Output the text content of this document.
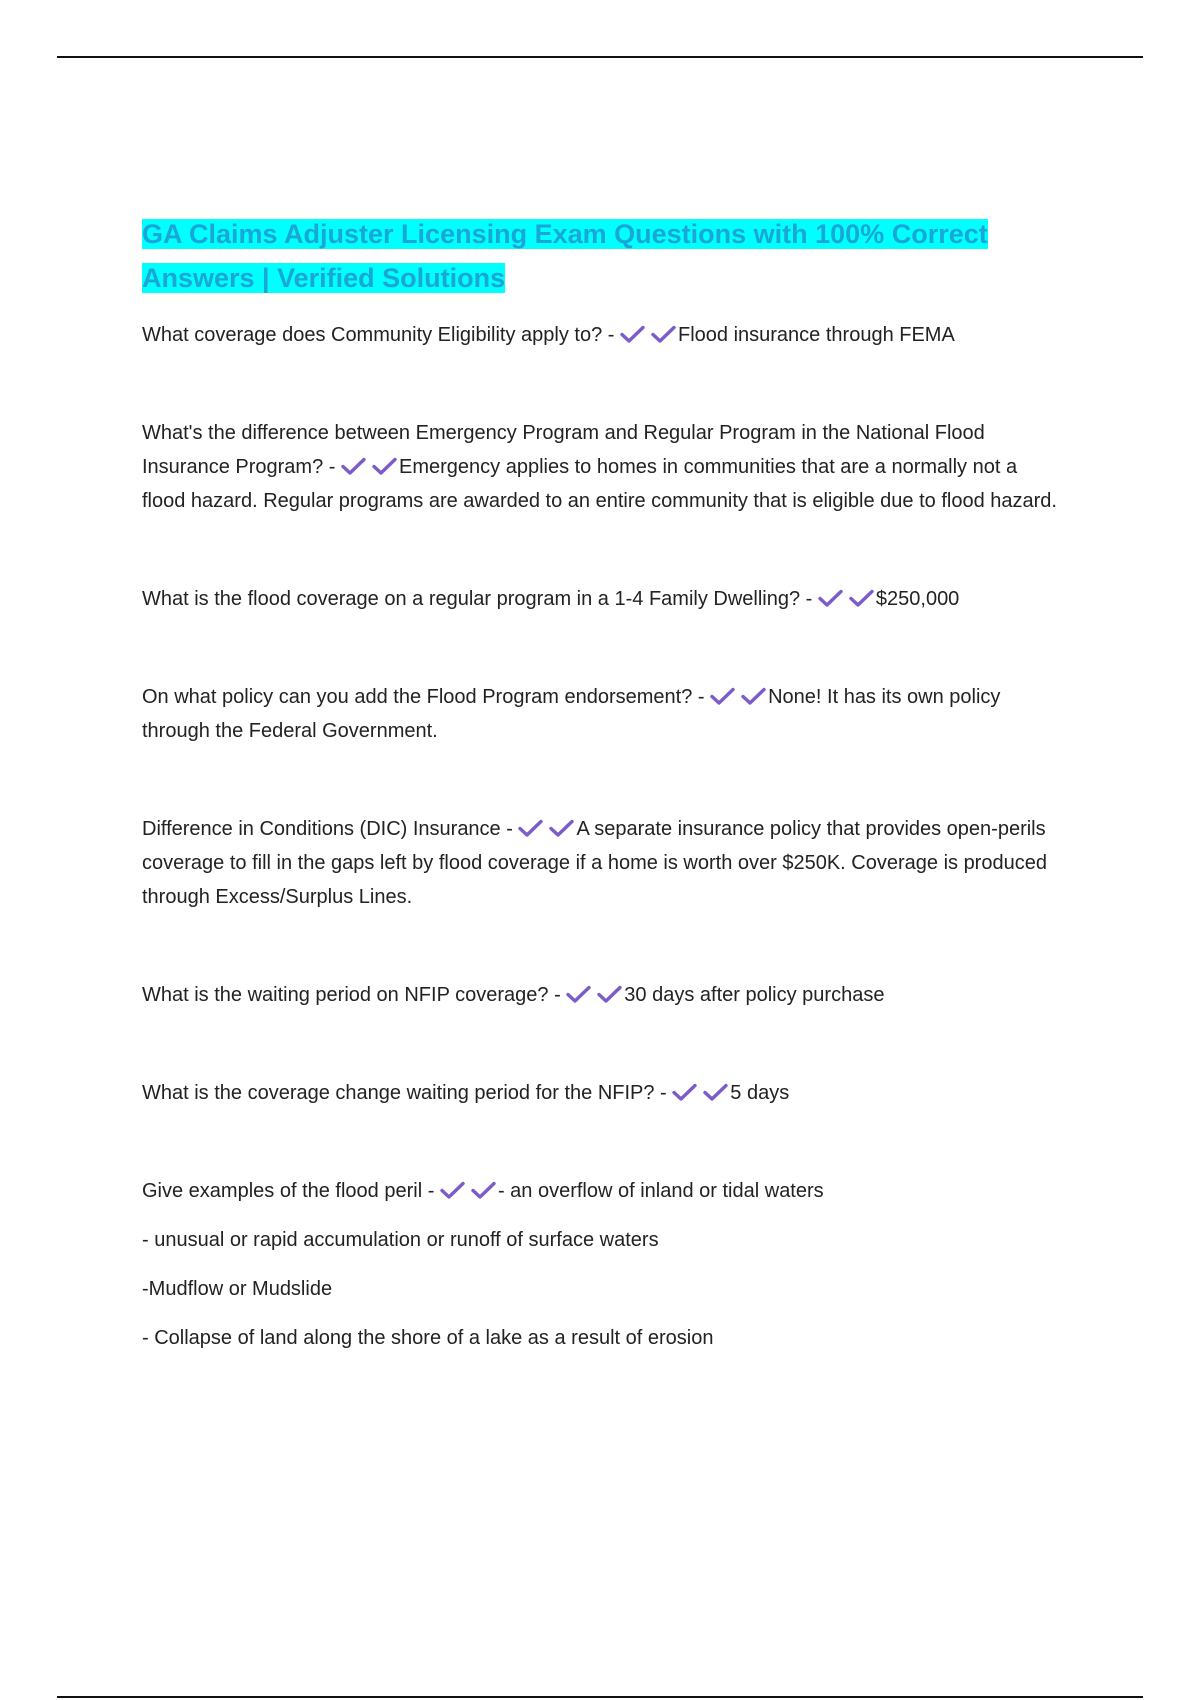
GA Claims Adjuster Licensing Exam Questions with 100% Correct Answers | Verified Solutions

What coverage does Community Eligibility apply to? -	Flood insurance through FEMA

What's the difference between Emergency Program and Regular Program in the National Flood Insurance Program? -	Emergency applies to homes in communities that are a normally not a flood hazard. Regular programs are awarded to an entire community that is eligible due to flood hazard.

What is the flood coverage on a regular program in a 1-4 Family Dwelling? -	$250,000

On what policy can you add the Flood Program endorsement? -	None! It has its own policy through the Federal Government.

Difference in Conditions (DIC) Insurance -	A separate insurance policy that provides open-perils coverage to fill in the gaps left by flood coverage if a home is worth over $250K. Coverage is produced through Excess/Surplus Lines.

What is the waiting period on NFIP coverage? -	30 days after policy purchase

What is the coverage change waiting period for the NFIP? -	5 days

Give examples of the flood peril -	- an overflow of inland or tidal waters

- unusual or rapid accumulation or runoff of surface waters

-Mudflow or Mudslide

- Collapse of land along the shore of a lake as a result of erosion
